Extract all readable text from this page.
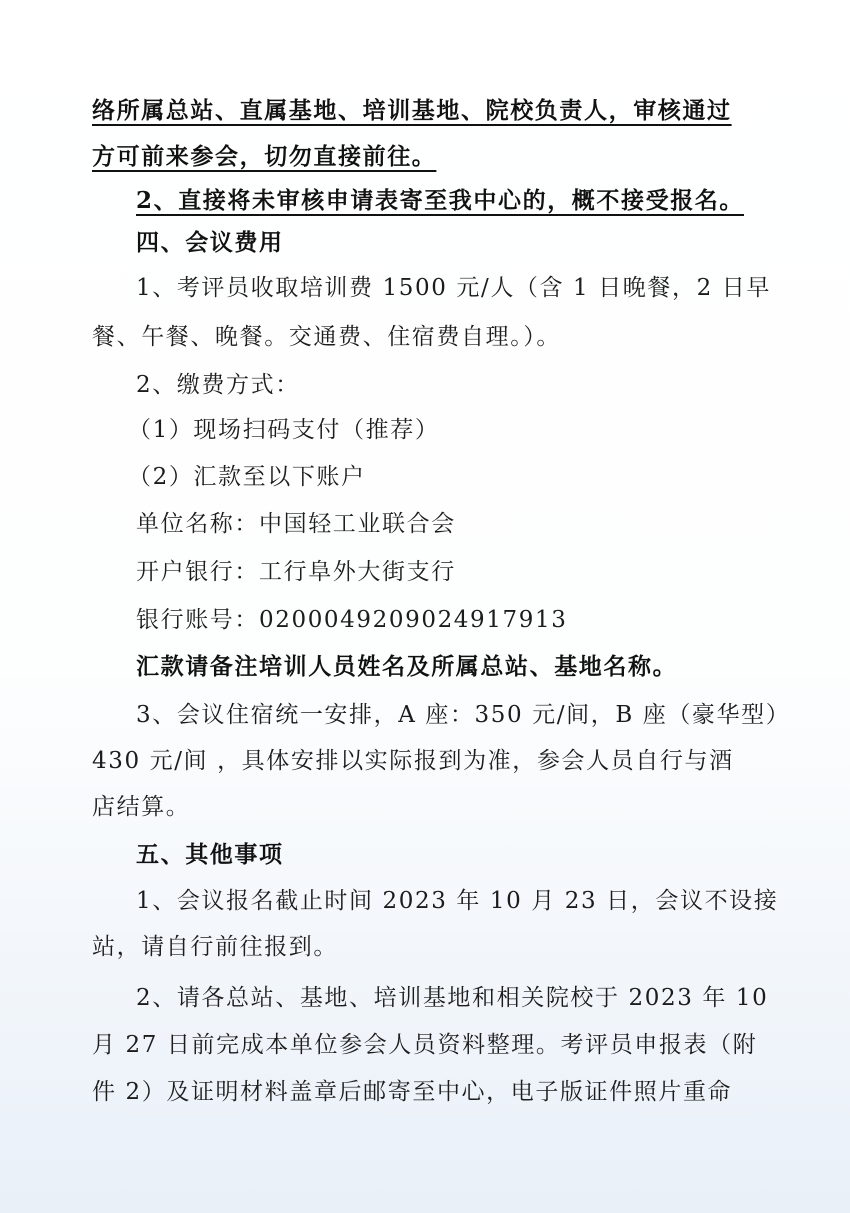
络所属总站、直属基地、培训基地、院校负责人，审核通过
方可前来参会，切勿直接前往。
2、直接将未审核申请表寄至我中心的，概不接受报名。
四、会议费用
1、考评员收取培训费 1500 元/人（含 1 日晚餐，2 日早
餐、午餐、晚餐。交通费、住宿费自理。）。
2、缴费方式：
（1）现场扫码支付（推荐）
（2）汇款至以下账户
单位名称：中国轻工业联合会
开户银行：工行阜外大街支行
银行账号：0200049209024917913
汇款请备注培训人员姓名及所属总站、基地名称。
3、会议住宿统一安排，A 座：350 元/间，B 座（豪华型）
430 元/间 ，具体安排以实际报到为准，参会人员自行与酒
店结算。
五、其他事项
1、会议报名截止时间 2023 年 10 月 23 日，会议不设接
站，请自行前往报到。
2、请各总站、基地、培训基地和相关院校于 2023 年 10
月 27 日前完成本单位参会人员资料整理。考评员申报表（附
件 2）及证明材料盖章后邮寄至中心，电子版证件照片重命
